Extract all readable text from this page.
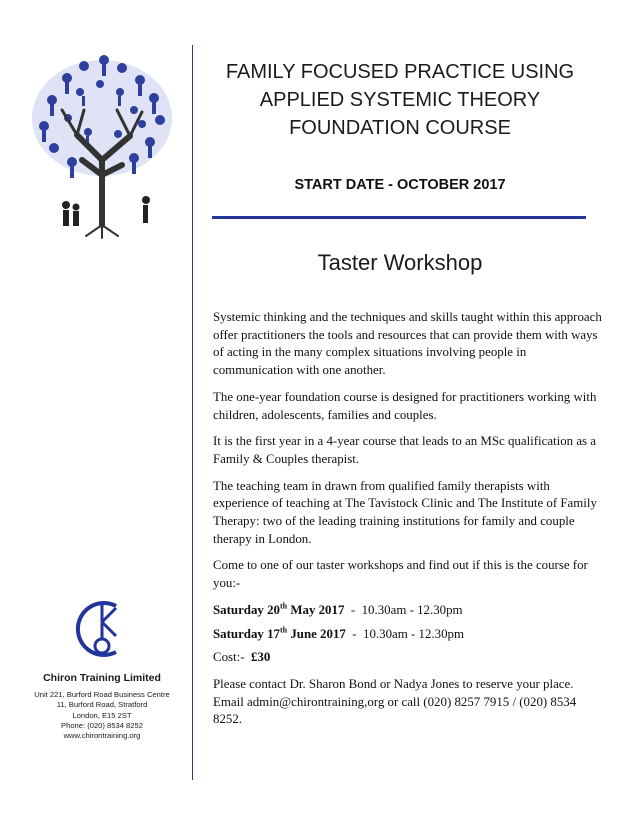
Chiron Training Limited
Unit 221, Burford Road Business Centre
11, Burford Road, Stratford
London, E15 2ST
Phone: (020) 8534 8252
www.chirontraining.org
FAMILY FOCUSED PRACTICE USING
APPLIED SYSTEMIC THEORY
FOUNDATION COURSE
START DATE - OCTOBER 2017
Taster Workshop

Systemic thinking and the techniques and skills taught within this approach offer practitioners the tools and resources that can provide them with ways of acting in the many complex situations involving people in communication with one another.

The one-year foundation course is designed for practitioners working with children, adolescents, families and couples.

It is the first year in a 4-year course that leads to an MSc qualification as a Family & Couples therapist.

The teaching team in drawn from qualified family therapists with experience of teaching at The Tavistock Clinic and The Institute of Family Therapy: two of the leading training institutions for family and couple therapy in London.

Come to one of our taster workshops and find out if this is the course for you:-

Saturday 20th May 2017  -  10.30am - 12.30pm
Saturday 17th June 2017  -  10.30am - 12.30pm
Cost:-  £30

Please contact Dr. Sharon Bond or Nadya Jones to reserve your place. Email admin@chirontraining,org or call (020) 8257 7915 / (020) 8534 8252.
